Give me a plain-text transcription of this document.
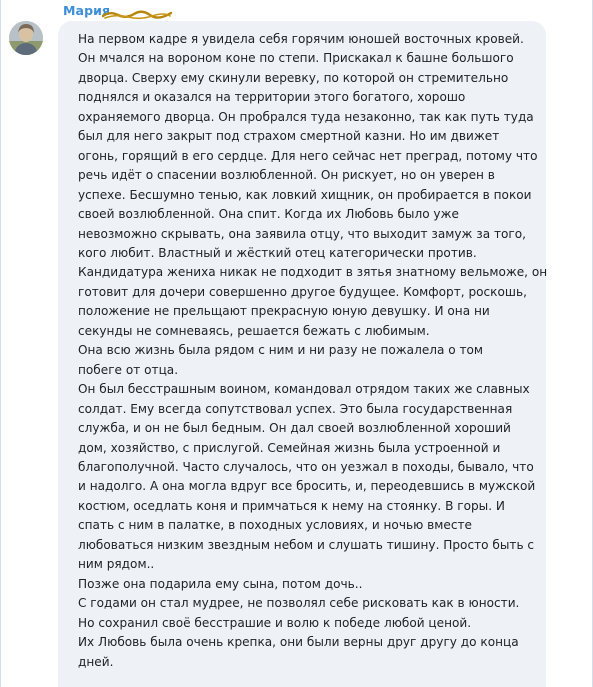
Мария
На первом кадре я увидела себя горячим юношей восточных кровей.
Он мчался на вороном коне по степи. Прискакал к башне большого
дворца. Сверху ему скинули веревку, по которой он стремительно
поднялся и оказался на территории этого богатого, хорошо
охраняемого дворца. Он пробрался туда незаконно, так как путь туда
был для него закрыт под страхом смертной казни. Но им движет
огонь, горящий в его сердце. Для него сейчас нет преград, потому что
речь идёт о спасении возлюбленной. Он рискует, но он уверен в
успехе. Бесшумно тенью, как ловкий хищник, он пробирается в покои
своей возлюбленной. Она спит. Когда их Любовь было уже
невозможно скрывать, она заявила отцу, что выходит замуж за того,
кого любит. Властный и жёсткий отец категорически против.
Кандидатура жениха никак не подходит в зятья знатному вельможе, он
готовит для дочери совершенно другое будущее. Комфорт, роскошь,
положение не прельщают прекрасную юную девушку. И она ни
секунды не сомневаясь, решается бежать с любимым.
Она всю жизнь была рядом с ним и ни разу не пожалела о том
побеге от отца.
Он был бесстрашным воином, командовал отрядом таких же славных
солдат. Ему всегда сопутствовал успех. Это была государственная
служба, и он не был бедным. Он дал своей возлюбленной хороший
дом, хозяйство, с прислугой. Семейная жизнь была устроенной и
благополучной. Часто случалось, что он уезжал в походы, бывало, что
и надолго. А она могла вдруг все бросить, и, переодевшись в мужской
костюм, оседлать коня и примчаться к нему на стоянку. В горы. И
спать с ним в палатке, в походных условиях, и ночью вместе
любоваться низким звездным небом и слушать тишину. Просто быть с
ним рядом..
Позже она подарила ему сына, потом дочь..
С годами он стал мудрее, не позволял себе рисковать как в юности.
Но сохранил своё бесстрашие и волю к победе любой ценой.
Их Любовь была очень крепка, они были верны друг другу до конца
дней.
